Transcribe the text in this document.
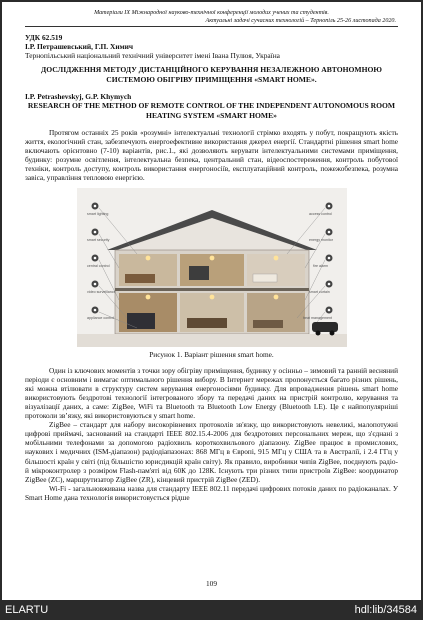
Матеріали ІХ Міжнародної науково-технічної конференції молодих учених та студентів.
Актуальні задачі сучасних технологій – Тернопіль 25-26 листопада 2020.
УДК 62.519
І.Р. Петрашевський, Г.П. Химич
Тернопільський національний технічний університет імені Івана Пулюя, Україна
ДОСЛІДЖЕННЯ МЕТОДУ ДИСТАНЦІЙНОГО КЕРУВАННЯ НЕЗАЛЕЖНОЮ АВТОНОМНОЮ СИСТЕМОЮ ОБІГРІВУ ПРИМІЩЕННЯ «SMART HOME».
I.P. Petrashevskyj, G.P. Khymych
RESEARCH OF THE METHOD OF REMOTE CONTROL OF THE INDEPENDENT AUTONOMOUS ROOM HEATING SYSTEM «SMART HOME»

Протягом останніх 25 років «розумні» інтелектуальні технології стрімко входять у побут, покращують якість життя, екологічний стан, забезпечують енергоефективне використання джерел енергії. Стандартні рішення smart home включають орієнтовно (7-10) варіантів, рис.1., які дозволяють керувати інтелектуальними системами приміщення, будинку: розумне освітлення, інтелектуальна безпека, центральний стан, відеоспостереження, контроль побутової техніки, контроль доступу, контроль використання енергоносіїв, експлуатаційний контроль, пожежобезпека, розумна завіса, управління тепловою енергією.

smart lighting
smart security
central control
video surveillance
appliance control
access control
energy monitor
fire alarm
smart curtain
heat management
Рисунок 1. Варіант рішення smart home.

Один із ключових моментів з точки зору обігріву приміщення, будинку у осінньо – зимовий та ранній весняний періоди є основним і вимагає оптимального рішення вибору. В Інтернет мережах пропонується багато різних рішень, які можна втілювати в структуру систем керування енергоносіями будинку. Для впровадження рішень smart home використовують бездротові технології інтегрованого збору та передачі даних на пристрій контролю, керування та візуалізації даних, а саме: ZigBee, WiFi та Bluetooth та Bluetooth Low Energy (Bluetooth LE). Це є найпопулярніші протоколи зв’язку, які використовуються у smart home.

ZigBee – стандарт для набору високорівневих протоколів зв'язку, що використовують невеликі, малопотужні цифрові приймачі, заснований на стандарті IEEE 802.15.4-2006 для бездротових персональних мереж, що з'єднані з мобільними телефонами за допомогою радіохвиль короткохвильового діапазону. ZigBee працює в промислових, наукових і медичних (ISM-діапазон) радіодіапазонах: 868 МГц в Європі, 915 МГц у США та в Австралії, і 2.4 ГГц у більшості країн у світі (під більшістю юрисдикцій країн світу). Як правило, виробники чипів ZigBee, поєднують радіо- й мікроконтролер з розміром Flash-пам'яті від 60К до 128К. Існують три різних типи пристроїв ZigBee: координатор ZigBee (ZC), маршрутизатор ZigBee (ZR), кінцевий пристрій ZigBee (ZED).

Wi-Fi - загальновживана назва для стандарту IEEE 802.11 передачі цифрових потоків даних по радіоканалах. У Smart Home дана технологія використовується рідше

109
ELARTU	hdl:lib/34584
